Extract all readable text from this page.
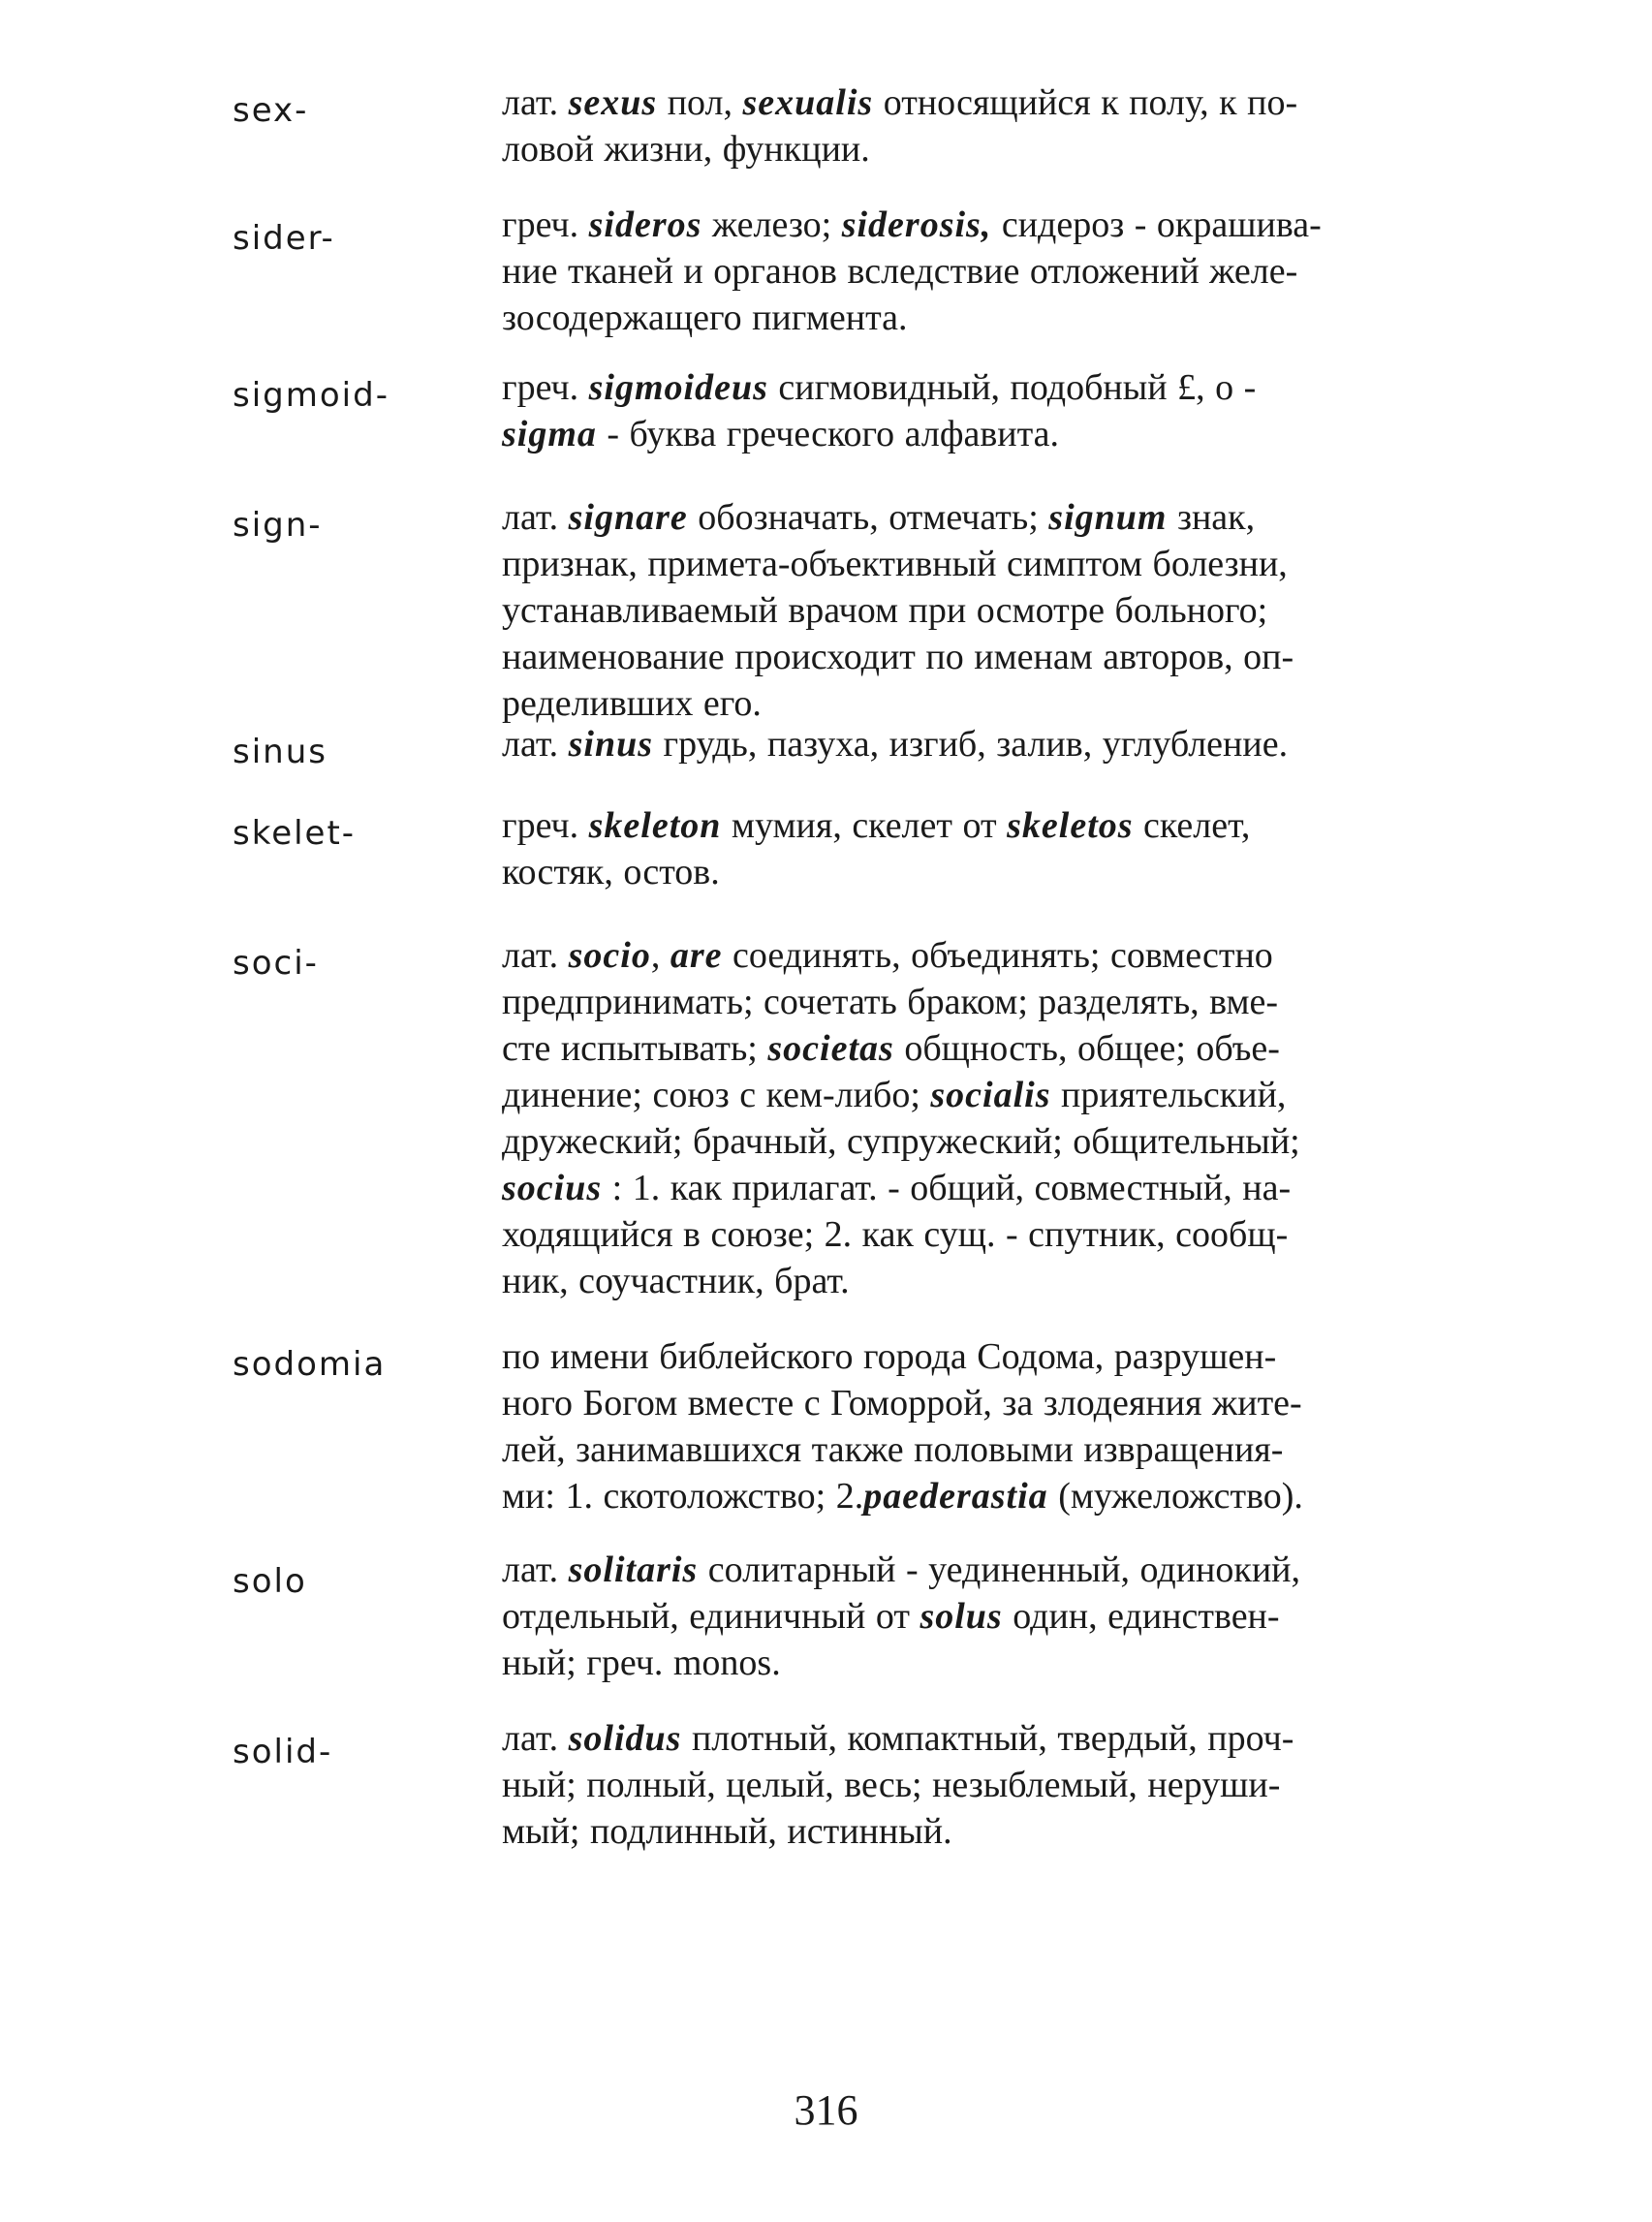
sex-	лат. sexus пол, sexualis относящийся к полу, к по-
ловой жизни, функции.
sider-	греч. sideros железо; siderosis, сидероз - окрашива-
ние тканей и органов вследствие отложений желе-
зосодержащего пигмента.
sigmoid-	греч. sigmoideus сигмовидный, подобный £, о -
sigma - буква греческого алфавита.
sign-	лат. signare обозначать, отмечать; signum знак,
признак, примета-объективный симптом болезни,
устанавливаемый врачом при осмотре больного;
наименование происходит по именам авторов, оп-
ределивших его.
sinus	лат. sinus грудь, пазуха, изгиб, залив, углубление.
skelet-	греч. skeleton мумия, скелет от skeletos скелет,
костяк, остов.
soci-	лат. socio, are соединять, объединять; совместно
предпринимать; сочетать браком; разделять, вме-
сте испытывать; societas общность, общее; объе-
динение; союз с кем-либо; socialis приятельский,
дружеский; брачный, супружеский; общительный;
socius : 1. как прилагат. - общий, совместный, на-
ходящийся в союзе; 2. как сущ. - спутник, сообщ-
ник, соучастник, брат.
sodomia	по имени библейского города Содома, разрушен-
ного Богом вместе с Гоморрой, за злодеяния жите-
лей, занимавшихся также половыми извращения-
ми: 1. скотоложство; 2.paederastia (мужеложство).
solo	лат. solitaris солитарный - уединенный, одинокий,
отдельный, единичный от solus один, единствен-
ный; греч. monos.
solid-	лат. solidus плотный, компактный, твердый, проч-
ный; полный, целый, весь; незыблемый, неруши-
мый; подлинный, истинный.
316
